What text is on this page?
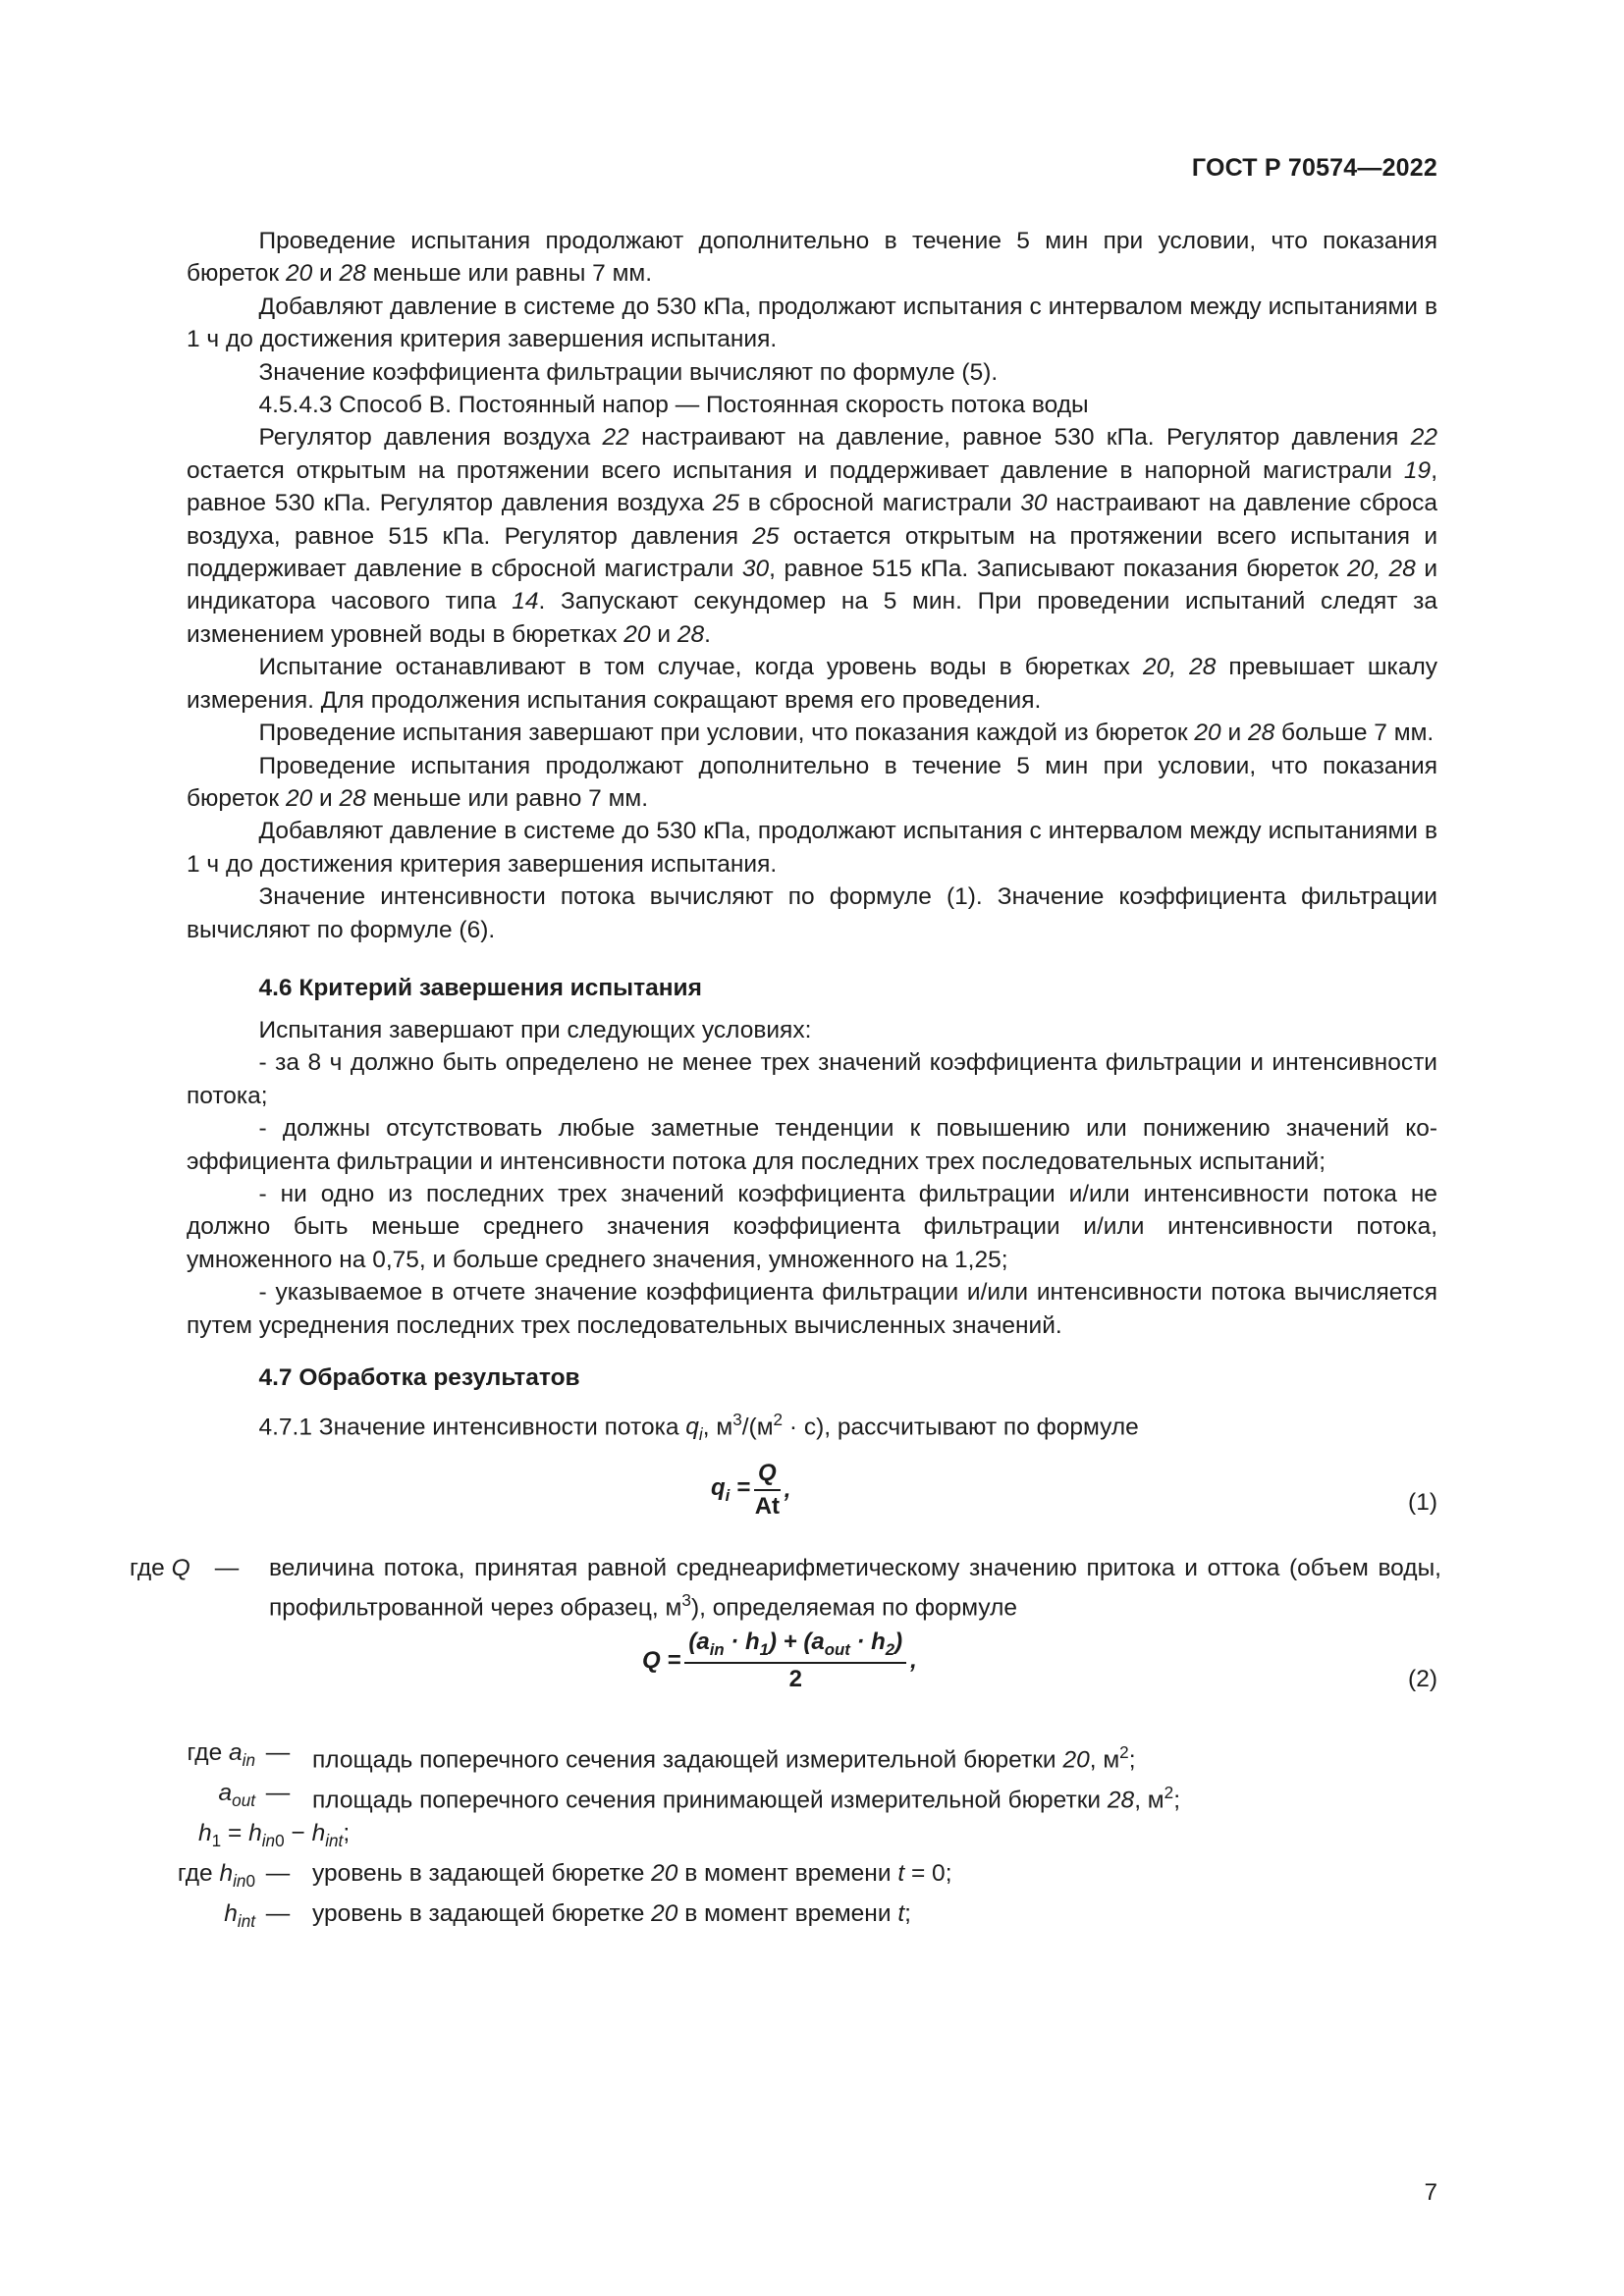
ГОСТ Р 70574—2022
Проведение испытания продолжают дополнительно в течение 5 мин при условии, что показания бюреток 20 и 28 меньше или равны 7 мм.
Добавляют давление в системе до 530 кПа, продолжают испытания с интервалом между испытаниями в 1 ч до достижения критерия завершения испытания.
Значение коэффициента фильтрации вычисляют по формуле (5).
4.5.4.3 Способ В. Постоянный напор — Постоянная скорость потока воды
Регулятор давления воздуха 22 настраивают на давление, равное 530 кПа. Регулятор давления 22 остается открытым на протяжении всего испытания и поддерживает давление в напорной магистрали 19, равное 530 кПа. Регулятор давления воздуха 25 в сбросной магистрали 30 настраивают на давление сброса воздуха, равное 515 кПа. Регулятор давления 25 остается открытым на протяжении всего испытания и поддерживает давление в сбросной магистрали 30, равное 515 кПа. Записывают показания бюреток 20, 28 и индикатора часового типа 14. Запускают секундомер на 5 мин. При проведении испытаний следят за изменением уровней воды в бюретках 20 и 28.
Испытание останавливают в том случае, когда уровень воды в бюретках 20, 28 превышает шкалу измерения. Для продолжения испытания сокращают время его проведения.
Проведение испытания завершают при условии, что показания каждой из бюреток 20 и 28 больше 7 мм.
Проведение испытания продолжают дополнительно в течение 5 мин при условии, что показания бюреток 20 и 28 меньше или равно 7 мм.
Добавляют давление в системе до 530 кПа, продолжают испытания с интервалом между испытаниями в 1 ч до достижения критерия завершения испытания.
Значение интенсивности потока вычисляют по формуле (1). Значение коэффициента фильтрации вычисляют по формуле (6).
4.6 Критерий завершения испытания
Испытания завершают при следующих условиях:
- за 8 ч должно быть определено не менее трех значений коэффициента фильтрации и интенсивности потока;
- должны отсутствовать любые заметные тенденции к повышению или понижению значений коэффициента фильтрации и интенсивности потока для последних трех последовательных испытаний;
- ни одно из последних трех значений коэффициента фильтрации и/или интенсивности потока не должно быть меньше среднего значения коэффициента фильтрации и/или интенсивности потока, умноженного на 0,75, и больше среднего значения, умноженного на 1,25;
- указываемое в отчете значение коэффициента фильтрации и/или интенсивности потока вычисляется путем усреднения последних трех последовательных вычисленных значений.
4.7 Обработка результатов
4.7.1 Значение интенсивности потока $q_i$, $м^3/(м^2 \cdot с)$, рассчитывают по формуле
$q_i = \frac{Q}{At}$ ,	(1)
где Q	— величина потока, принятая равной среднеарифметическому значению притока и оттока (объем воды, профильтрованной через образец, $м^3$), определяемая по формуле
$Q = \frac{(a_{in} \cdot h_1) + (a_{out} \cdot h_2)}{2}$ ,
(2)
где $a_{in}$ — площадь поперечного сечения задающей измерительной бюретки 20, $м^2$;
$a_{out}$ — площадь поперечного сечения принимающей измерительной бюретки 28, $м^2$;
$h_1 = h_{in0} - h_{int}$;
где $h_{in0}$ — уровень в задающей бюретке 20 в момент времени t = 0;
$h_{int}$ — уровень в задающей бюретке 20 в момент времени t;
7
